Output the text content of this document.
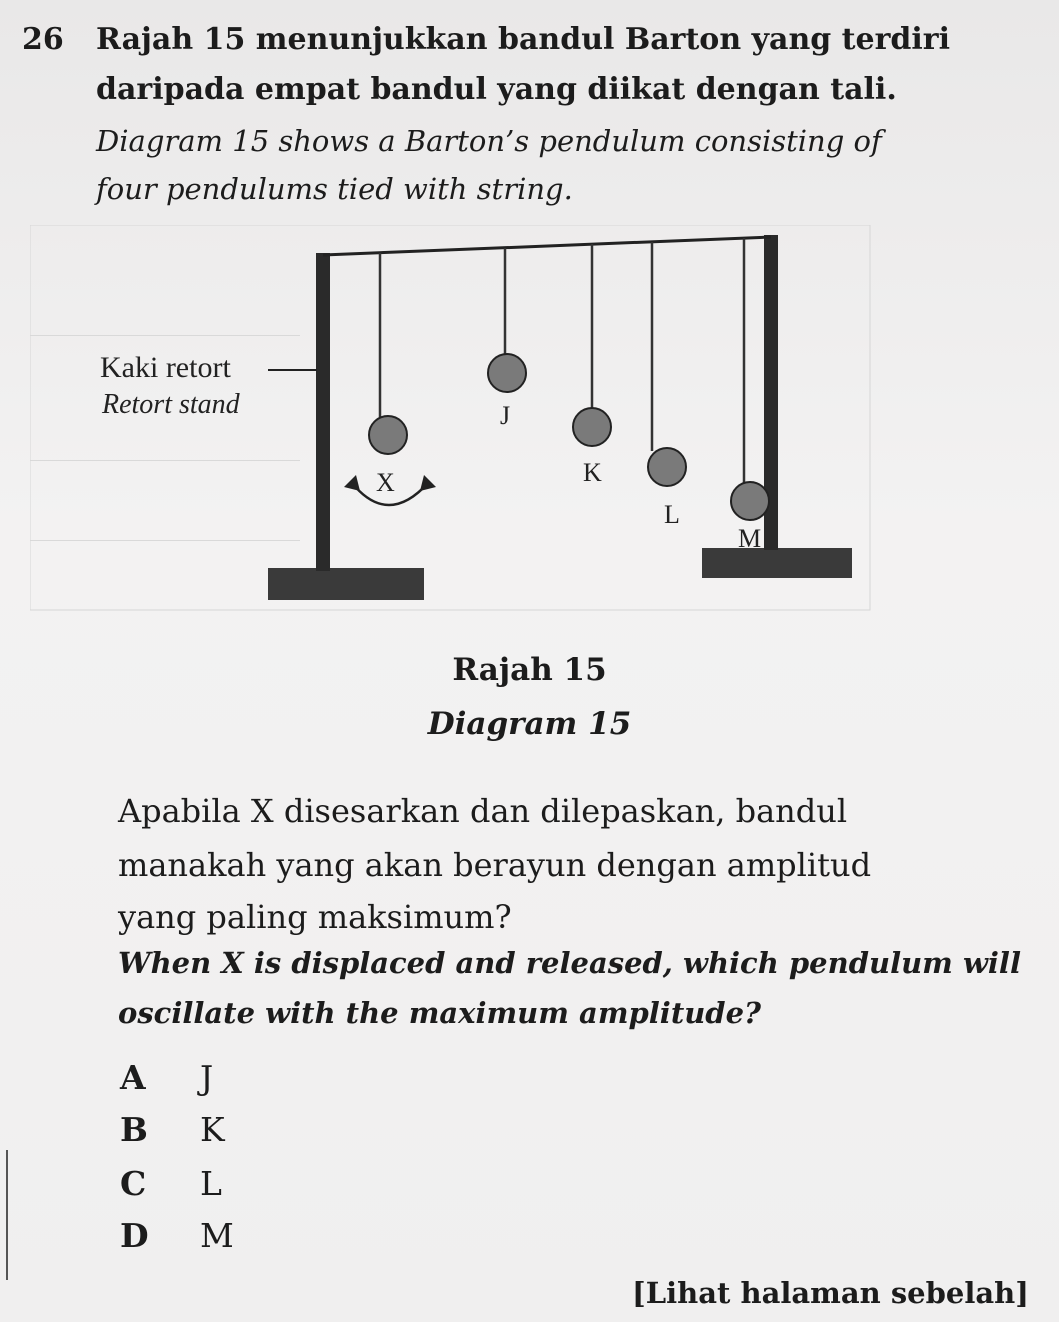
26 Rajah 15 menunjukkan bandul Barton yang terdiri
daripada empat bandul yang diikat dengan tali.
Diagram 15 shows a Barton’s pendulum consisting of
four pendulums tied with string.
Kaki retort
Retort stand
X
J
K
L
M
Rajah 15
Diagram 15
Apabila X disesarkan dan dilepaskan, bandul
manakah yang akan berayun dengan amplitud
yang paling maksimum?
When X is displaced and released, which pendulum will
oscillate with the maximum amplitude?
A J
B K
C L
D M
[Lihat halaman sebelah]
